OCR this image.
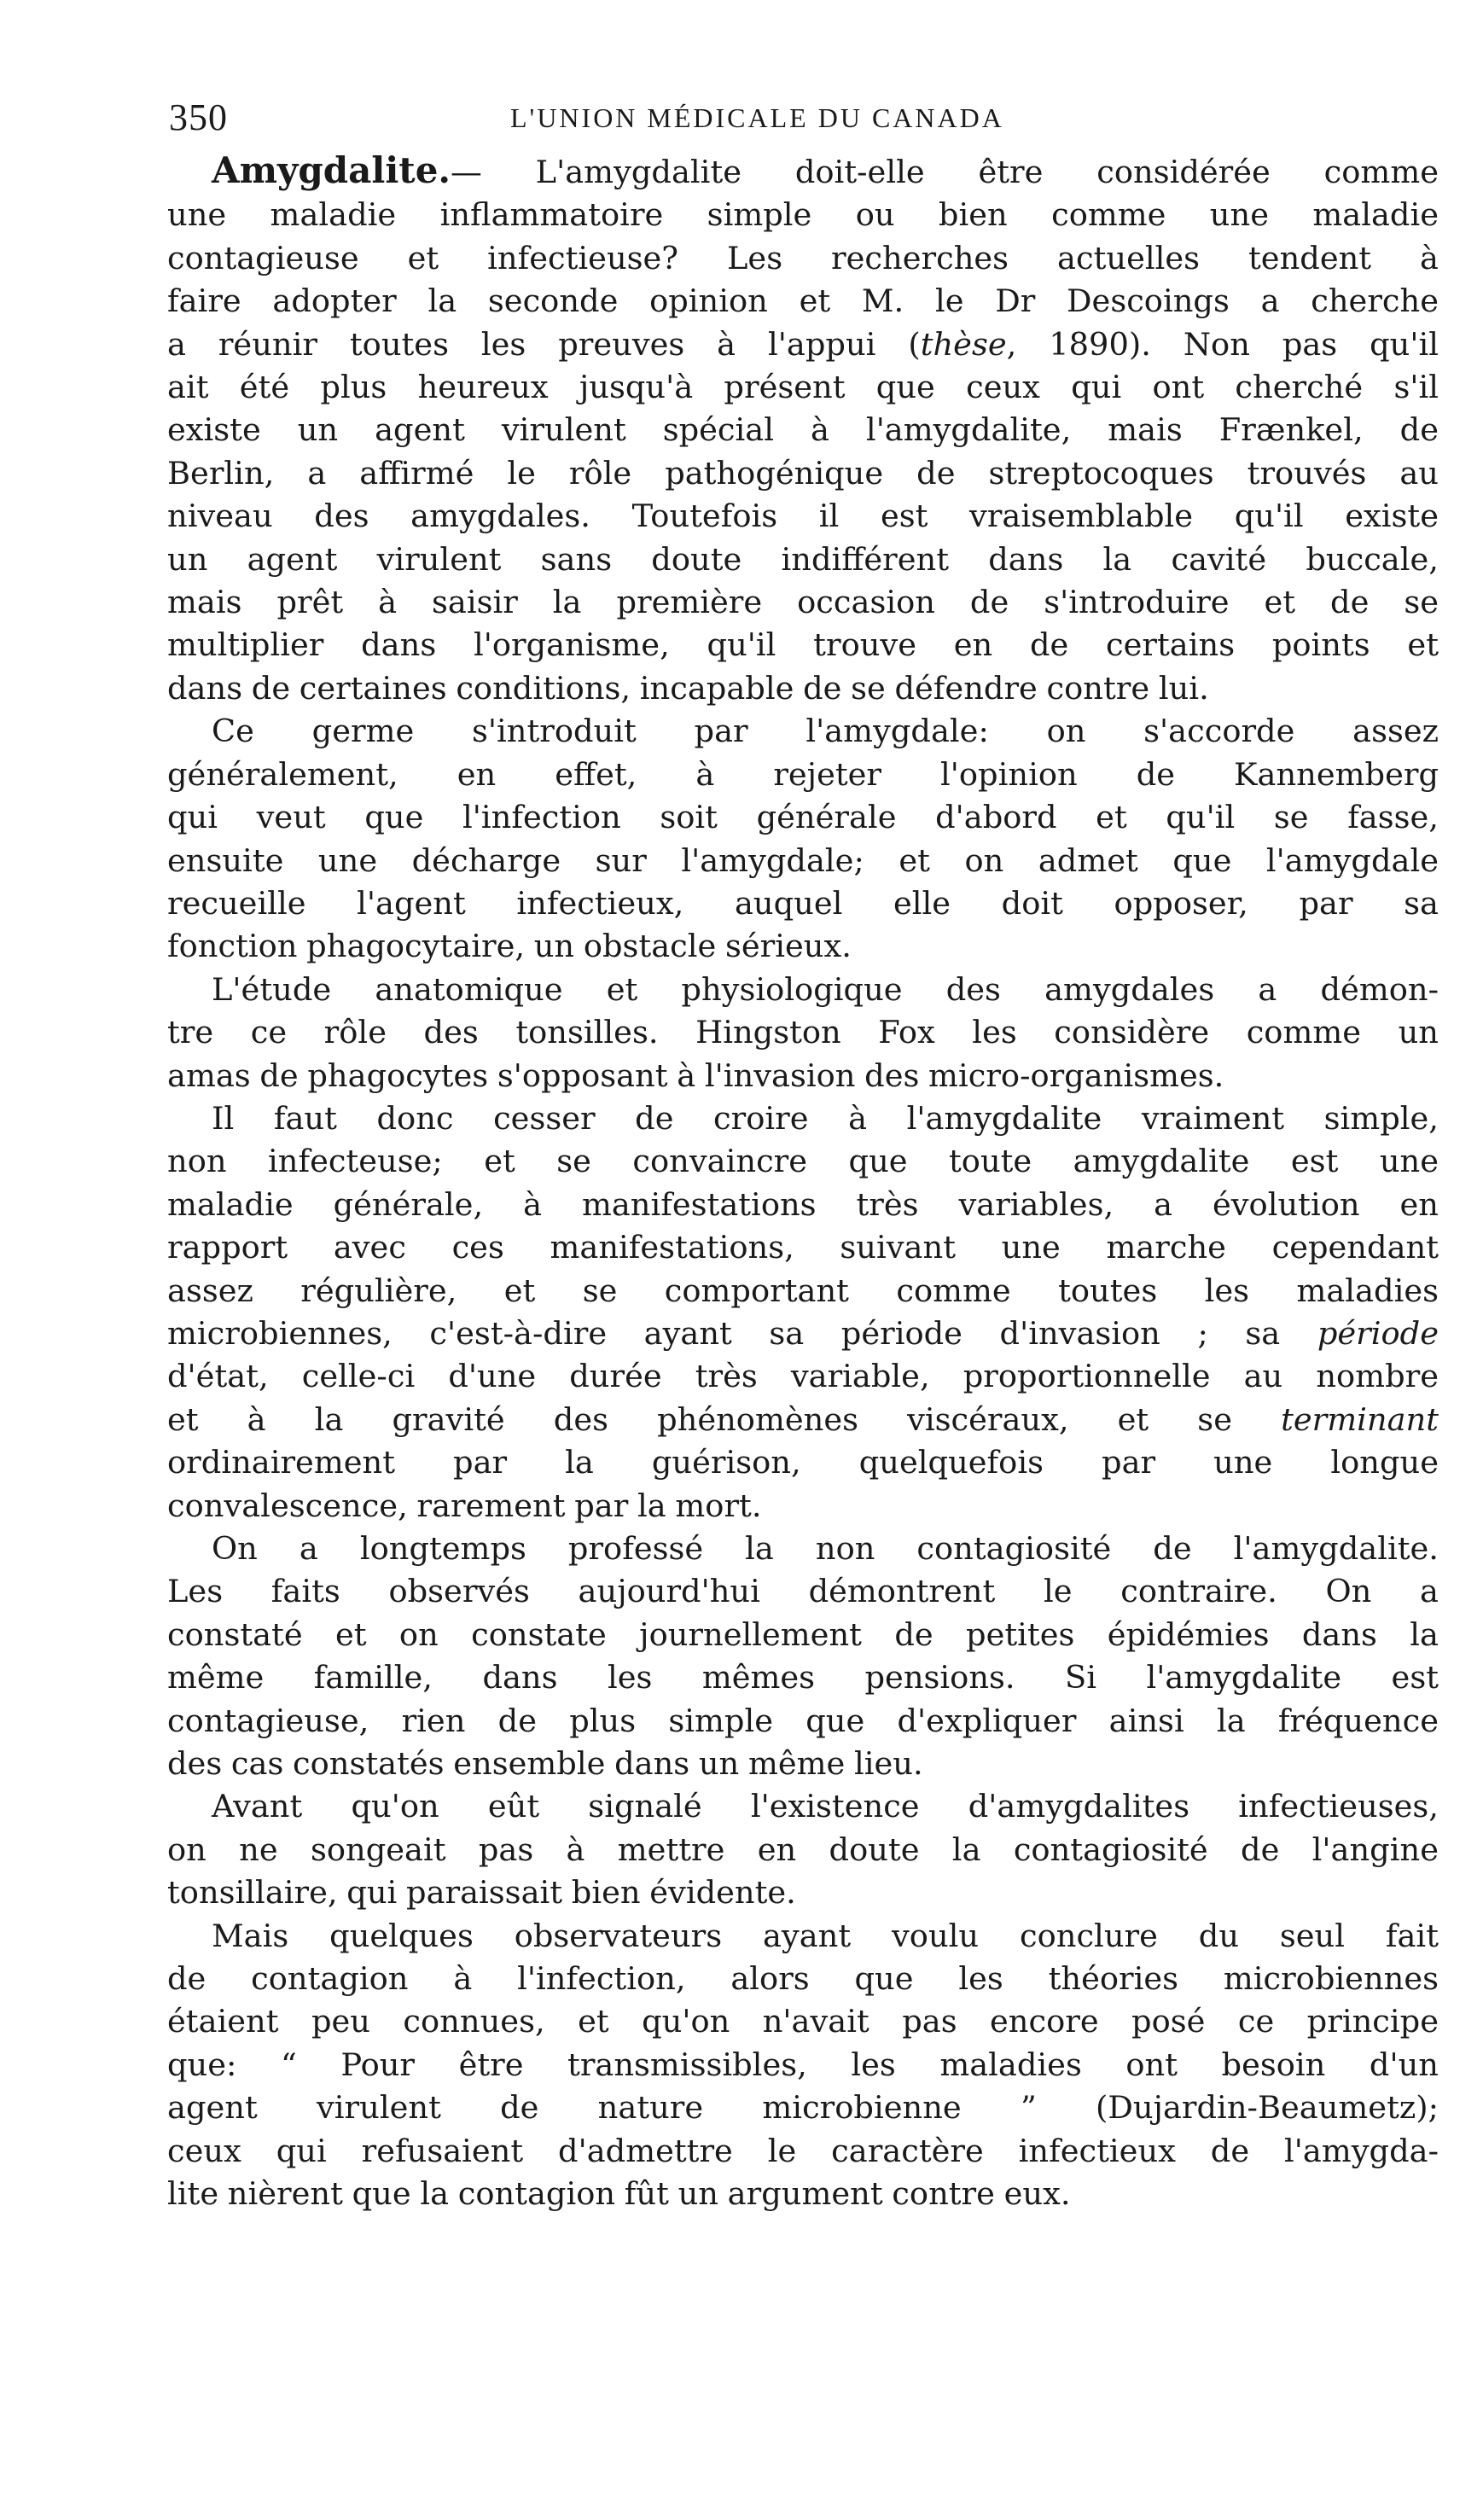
350	L'UNION MÉDICALE DU CANADA

Amygdalite.— L'amygdalite doit-elle être considérée comme
une maladie inflammatoire simple ou bien comme une maladie
contagieuse et infectieuse? Les recherches actuelles tendent à
faire adopter la seconde opinion et M. le Dr Descoings a cherche
a réunir toutes les preuves à l'appui (thèse, 1890). Non pas qu'il
ait été plus heureux jusqu'à présent que ceux qui ont cherché s'il
existe un agent virulent spécial à l'amygdalite, mais Frænkel, de
Berlin, a affirmé le rôle pathogénique de streptocoques trouvés au
niveau des amygdales. Toutefois il est vraisemblable qu'il existe
un agent virulent sans doute indifférent dans la cavité buccale,
mais prêt à saisir la première occasion de s'introduire et de se
multiplier dans l'organisme, qu'il trouve en de certains points et
dans de certaines conditions, incapable de se défendre contre lui.

Ce germe s'introduit par l'amygdale: on s'accorde assez
généralement, en effet, à rejeter l'opinion de Kannemberg
qui veut que l'infection soit générale d'abord et qu'il se fasse,
ensuite une décharge sur l'amygdale; et on admet que l'amygdale
recueille l'agent infectieux, auquel elle doit opposer, par sa
fonction phagocytaire, un obstacle sérieux.

L'étude anatomique et physiologique des amygdales a démon-
tre ce rôle des tonsilles. Hingston Fox les considère comme un
amas de phagocytes s'opposant à l'invasion des micro-organismes.

Il faut donc cesser de croire à l'amygdalite vraiment simple,
non infecteuse; et se convaincre que toute amygdalite est une
maladie générale, à manifestations très variables, a évolution en
rapport avec ces manifestations, suivant une marche cependant
assez régulière, et se comportant comme toutes les maladies
microbiennes, c'est-à-dire ayant sa période d'invasion ; sa période
d'état, celle-ci d'une durée très variable, proportionnelle au nombre
et à la gravité des phénomènes viscéraux, et se terminant
ordinairement par la guérison, quelquefois par une longue
convalescence, rarement par la mort.

On a longtemps professé la non contagiosité de l'amygdalite.
Les faits observés aujourd'hui démontrent le contraire. On a
constaté et on constate journellement de petites épidémies dans la
même famille, dans les mêmes pensions. Si l'amygdalite est
contagieuse, rien de plus simple que d'expliquer ainsi la fréquence
des cas constatés ensemble dans un même lieu.

Avant qu'on eût signalé l'existence d'amygdalites infectieuses,
on ne songeait pas à mettre en doute la contagiosité de l'angine
tonsillaire, qui paraissait bien évidente.

Mais quelques observateurs ayant voulu conclure du seul fait
de contagion à l'infection, alors que les théories microbiennes
étaient peu connues, et qu'on n'avait pas encore posé ce principe
que: “ Pour être transmissibles, les maladies ont besoin d'un
agent virulent de nature microbienne ” (Dujardin-Beaumetz);
ceux qui refusaient d'admettre le caractère infectieux de l'amygda-
lite nièrent que la contagion fût un argument contre eux.
